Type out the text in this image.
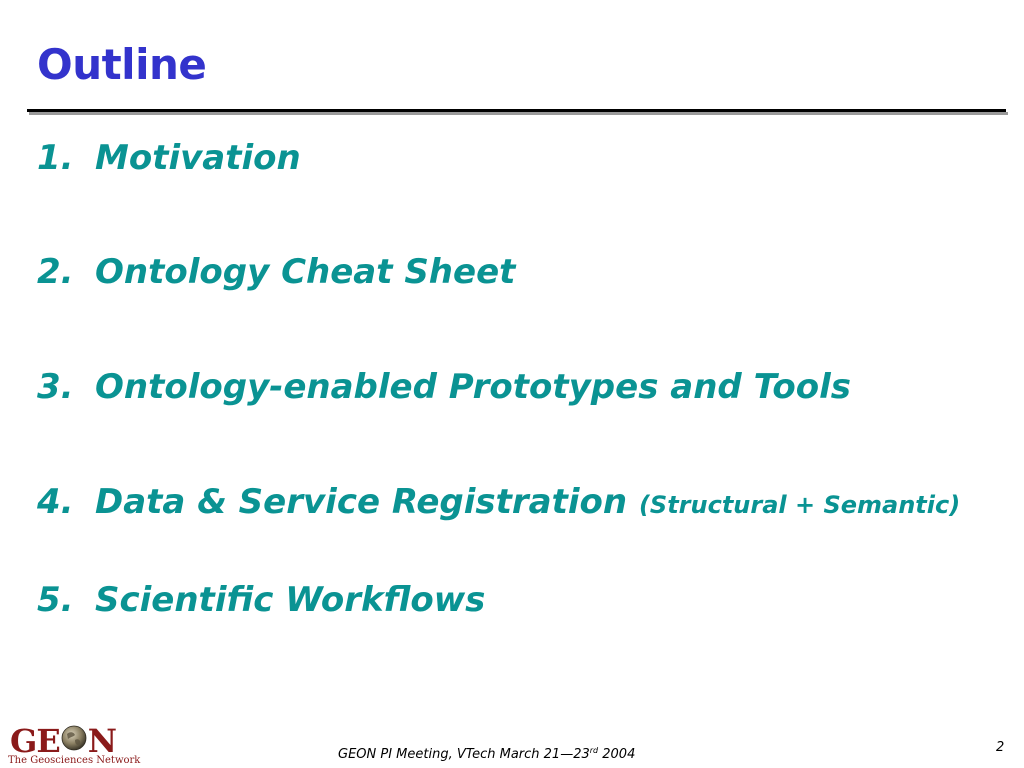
Outline
1. Motivation
2. Ontology Cheat Sheet
3. Ontology-enabled Prototypes and Tools
4. Data & Service Registration (Structural + Semantic)
5. Scientific Workflows
GE N
The Geosciences Network	GEON PI Meeting, VTech March 21—23rd 2004	2
